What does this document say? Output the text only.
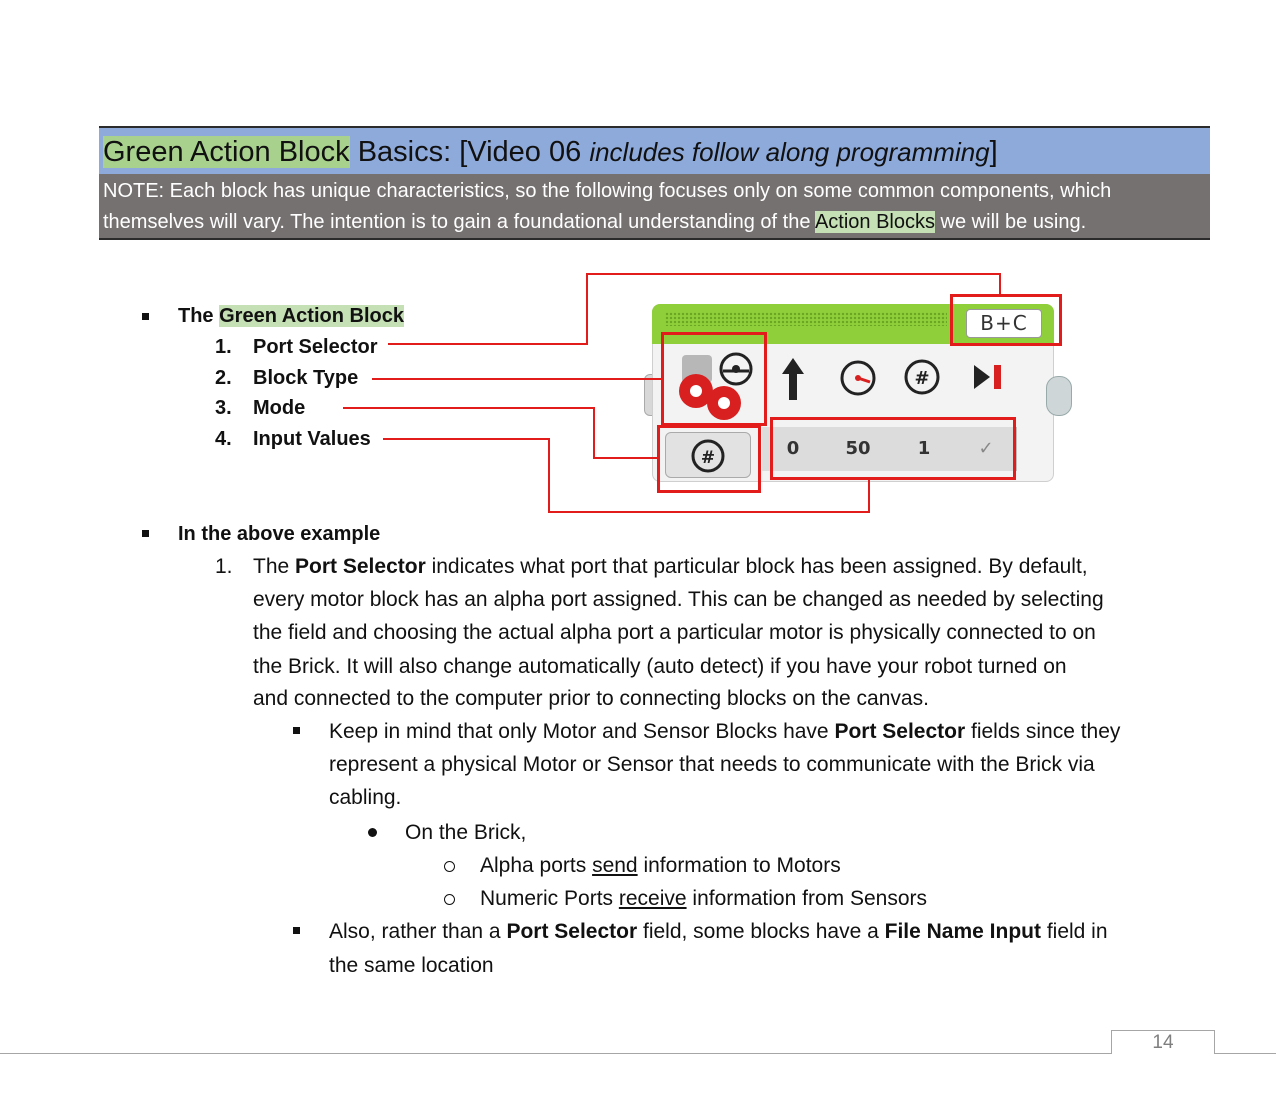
Green Action Block Basics: [Video 06 includes follow along programming]
NOTE: Each block has unique characteristics, so the following focuses only on some common components, which
themselves will vary. The intention is to gain a foundational understanding of the Action Blocks we will be using.
The Green Action Block
1. Port Selector
2. Block Type
3. Mode
4. Input Values
B+C
#
#	0	50	1	✓
In the above example
1. The Port Selector indicates what port that particular block has been assigned. By default,
every motor block has an alpha port assigned. This can be changed as needed by selecting
the field and choosing the actual alpha port a particular motor is physically connected to on
the Brick. It will also change automatically (auto detect) if you have your robot turned on
and connected to the computer prior to connecting blocks on the canvas.
Keep in mind that only Motor and Sensor Blocks have Port Selector fields since they
represent a physical Motor or Sensor that needs to communicate with the Brick via
cabling.
On the Brick,
Alpha ports send information to Motors
Numeric Ports receive information from Sensors
Also, rather than a Port Selector field, some blocks have a File Name Input field in
the same location
14
